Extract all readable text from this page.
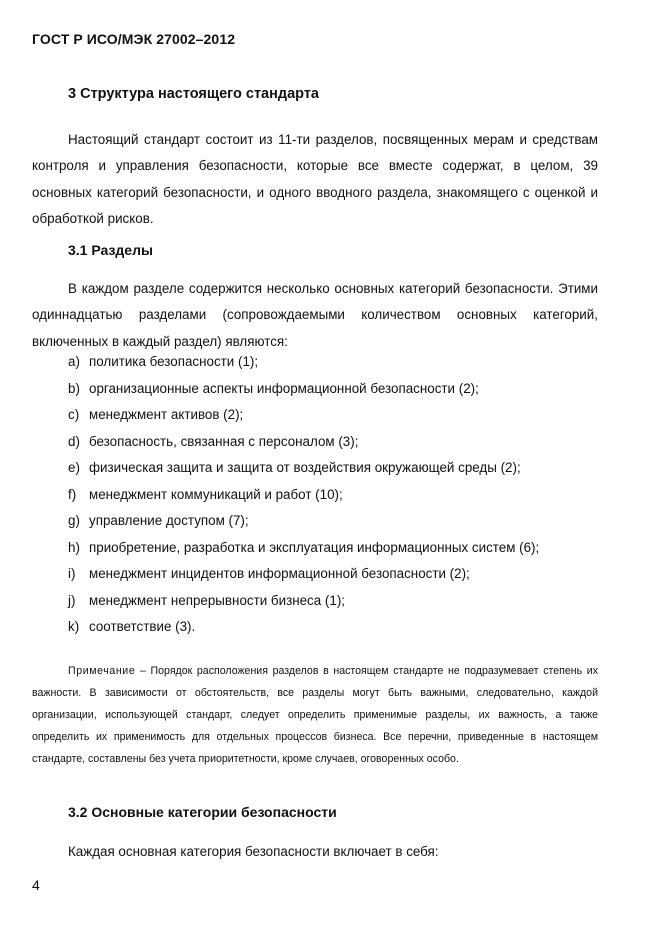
ГОСТ Р ИСО/МЭК 27002–2012
3 Структура настоящего стандарта
Настоящий стандарт состоит из 11-ти разделов, посвященных мерам и средствам контроля и управления безопасности, которые все вместе содержат, в целом, 39 основных категорий безопасности, и одного вводного раздела, знакомящего с оценкой и обработкой рисков.
3.1 Разделы
В каждом разделе содержится несколько основных категорий безопасности. Этими одиннадцатью разделами (сопровождаемыми количеством основных категорий, включенных в каждый раздел) являются:
a) политика безопасности (1);
b) организационные аспекты информационной безопасности (2);
c) менеджмент активов (2);
d) безопасность, связанная с персоналом (3);
e) физическая защита и защита от воздействия окружающей среды (2);
f) менеджмент коммуникаций и работ (10);
g) управление доступом (7);
h) приобретение, разработка и эксплуатация информационных систем (6);
i)	менеджмент инцидентов информационной безопасности (2);
j)	менеджмент непрерывности бизнеса (1);
k) соответствие (3).
Примечание – Порядок расположения разделов в настоящем стандарте не подразумевает степень их важности. В зависимости от обстоятельств, все разделы могут быть важными, следовательно, каждой организации, использующей стандарт, следует определить применимые разделы, их важность, а также определить их применимость для отдельных процессов бизнеса. Все перечни, приведенные в настоящем стандарте, составлены без учета приоритетности, кроме случаев, оговоренных особо.
3.2 Основные категории безопасности
Каждая основная категория безопасности включает в себя:
4
